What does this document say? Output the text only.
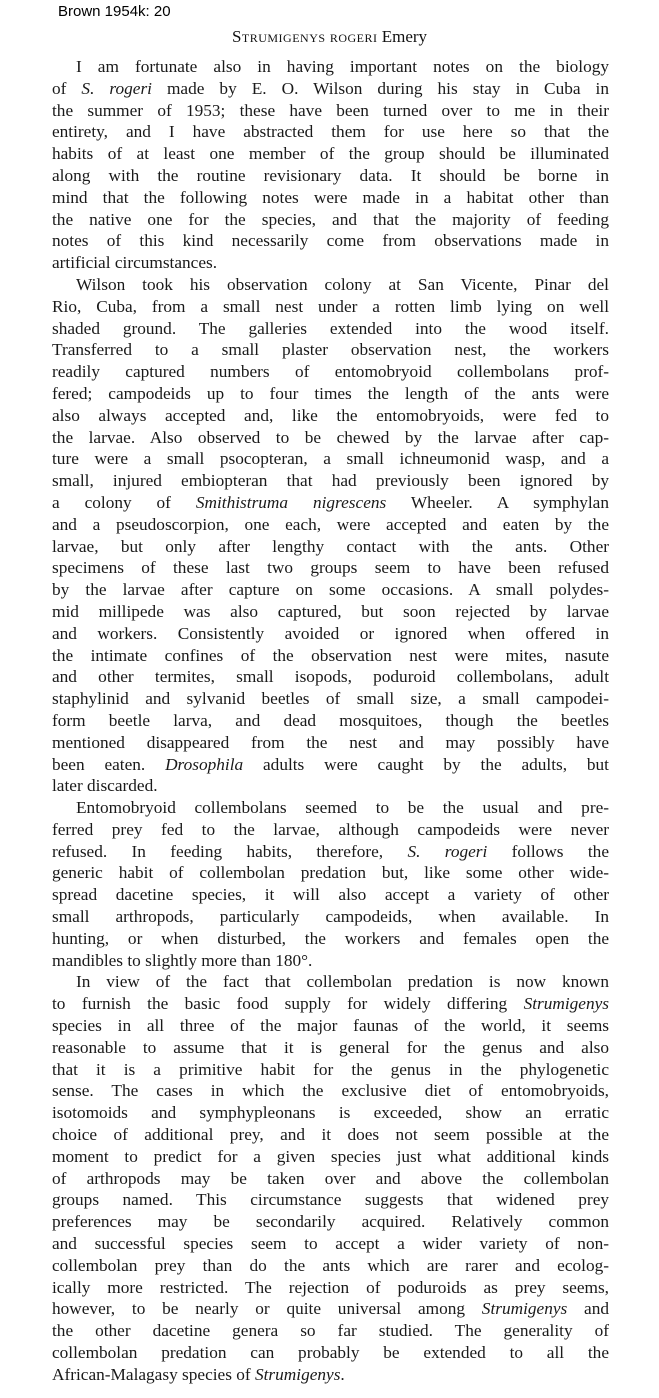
Brown 1954k: 20
Strumigenys rogeri Emery
I am fortunate also in having important notes on the biology
of S. rogeri made by E. O. Wilson during his stay in Cuba in
the summer of 1953; these have been turned over to me in their
entirety, and I have abstracted them for use here so that the
habits of at least one member of the group should be illuminated
along with the routine revisionary data. It should be borne in
mind that the following notes were made in a habitat other than
the native one for the species, and that the majority of feeding
notes of this kind necessarily come from observations made in
artificial circumstances.
Wilson took his observation colony at San Vicente, Pinar del
Rio, Cuba, from a small nest under a rotten limb lying on well
shaded ground. The galleries extended into the wood itself.
Transferred to a small plaster observation nest, the workers
readily captured numbers of entomobryoid collembolans prof-
fered; campodeids up to four times the length of the ants were
also always accepted and, like the entomobryoids, were fed to
the larvae. Also observed to be chewed by the larvae after cap-
ture were a small psocopteran, a small ichneumonid wasp, and a
small, injured embiopteran that had previously been ignored by
a colony of Smithistruma nigrescens Wheeler. A symphylan
and a pseudoscorpion, one each, were accepted and eaten by the
larvae, but only after lengthy contact with the ants. Other
specimens of these last two groups seem to have been refused
by the larvae after capture on some occasions. A small polydes-
mid millipede was also captured, but soon rejected by larvae
and workers. Consistently avoided or ignored when offered in
the intimate confines of the observation nest were mites, nasute
and other termites, small isopods, poduroid collembolans, adult
staphylinid and sylvanid beetles of small size, a small campodei-
form beetle larva, and dead mosquitoes, though the beetles
mentioned disappeared from the nest and may possibly have
been eaten. Drosophila adults were caught by the adults, but
later discarded.
Entomobryoid collembolans seemed to be the usual and pre-
ferred prey fed to the larvae, although campodeids were never
refused. In feeding habits, therefore, S. rogeri follows the
generic habit of collembolan predation but, like some other wide-
spread dacetine species, it will also accept a variety of other
small arthropods, particularly campodeids, when available. In
hunting, or when disturbed, the workers and females open the
mandibles to slightly more than 180°.
In view of the fact that collembolan predation is now known
to furnish the basic food supply for widely differing Strumigenys
species in all three of the major faunas of the world, it seems
reasonable to assume that it is general for the genus and also
that it is a primitive habit for the genus in the phylogenetic
sense. The cases in which the exclusive diet of entomobryoids,
isotomoids and symphypleonans is exceeded, show an erratic
choice of additional prey, and it does not seem possible at the
moment to predict for a given species just what additional kinds
of arthropods may be taken over and above the collembolan
groups named. This circumstance suggests that widened prey
preferences may be secondarily acquired. Relatively common
and successful species seem to accept a wider variety of non-
collembolan prey than do the ants which are rarer and ecolog-
ically more restricted. The rejection of poduroids as prey seems,
however, to be nearly or quite universal among Strumigenys and
the other dacetine genera so far studied. The generality of
collembolan predation can probably be extended to all the
African-Malagasy species of Strumigenys.
